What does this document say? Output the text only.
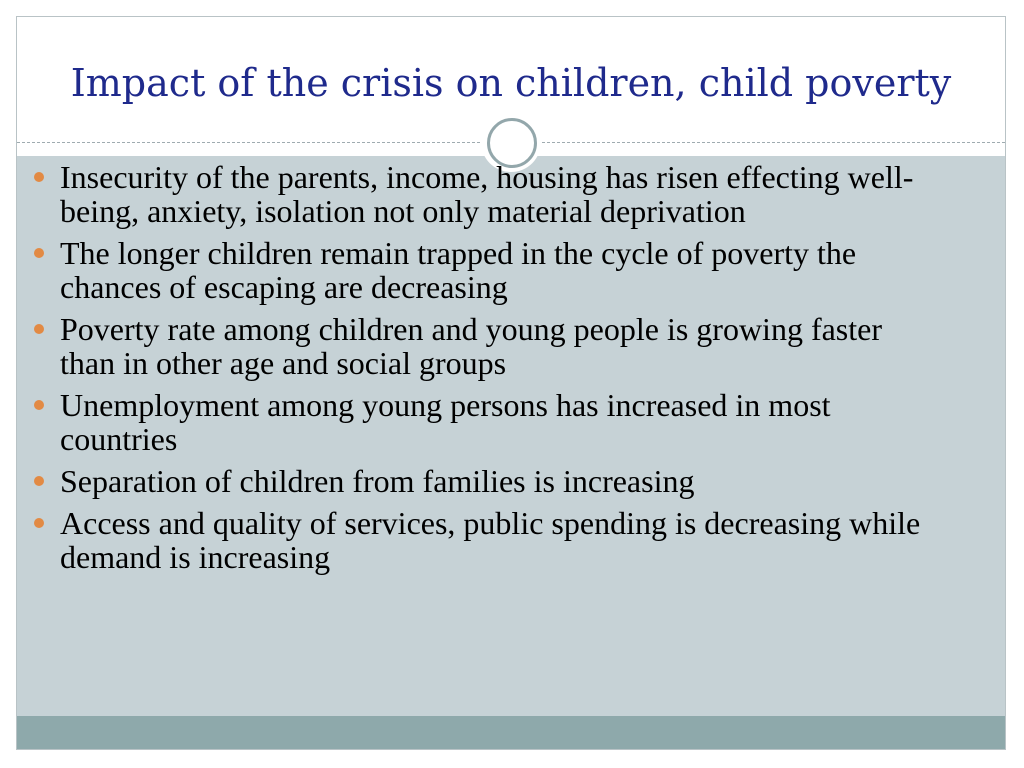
Impact of the crisis on children, child poverty
Insecurity of the parents, income, housing has risen effecting well-being, anxiety, isolation not only material deprivation
The longer children remain trapped in the cycle of poverty the chances of escaping are decreasing
Poverty rate among children and young people is growing faster than in other age and social groups
Unemployment among young persons has increased in most countries
Separation of children from families is increasing
Access and quality of services, public spending is decreasing while demand is increasing
